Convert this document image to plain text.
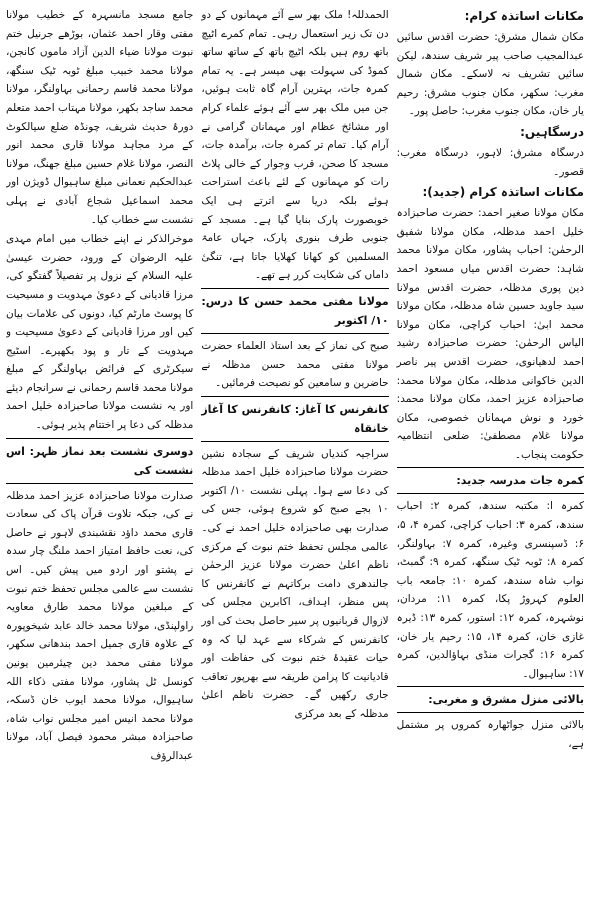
مکانات اساتذہ کرام:

مکان شمال مشرق: حضرت اقدس سائیں عبدالمجیب صاحب پیر شریف سندھ، لیکن سائیں تشریف نہ لاسکے۔ مکان شمال مغرب: سکھر، مکان جنوب مشرق: رحیم یار خان، مکان جنوب مغرب: حاصل پور۔

درسگاہیں:

درسگاہ مشرق: لاہور، درسگاہ مغرب: قصور۔

مکانات اساتذہ کرام (جدید):

مکان مولانا صغیر احمد: حضرت صاحبزادہ خلیل احمد مدظلہ، مکان مولانا شفیق الرحمٰن: احباب پشاور، مکان مولانا محمد شاہد: حضرت اقدس میاں مسعود احمد دین پوری مدظلہ، حضرت اقدس مولانا سید جاوید حسین شاہ مدظلہ، مکان مولانا محمد ابیٰ: احباب کراچی، مکان مولانا الیاس الرحمٰن: حضرت صاحبزادہ رشید احمد لدھیانوی، حضرت اقدس پیر ناصر الدین خاکوانی مدظلہ، مکان مولانا محمد: صاحبزادہ عزیز احمد، مکان مولانا محمد: خورد و نوش مہمانان خصوصی، مکان مولانا غلام مصطفیٰ: ضلعی انتظامیہ حکومت پنجاب۔

کمرہ جات مدرسہ جدید:

کمرہ ا: مکتبہ سندھ، کمرہ ۲: احباب سندھ، کمرہ ۳: احباب کراچی، کمرہ ۴، ۵، ۶: ڈسپنسری وغیرہ، کمرہ ۷: بہاولنگر، کمرہ ۸: ٹوبہ ٹیک سنگھ، کمرہ ۹: گمبٹ، نواب شاہ سندھ، کمرہ ۱۰: جامعہ باب العلوم کہروڑ پکا، کمرہ ۱۱: مردان، نوشہرہ، کمرہ ۱۲: استور، کمرہ ۱۳: ڈیرہ غازی خان، کمرہ ۱۴، ۱۵: رحیم یار خان، کمرہ ۱۶: گجرات منڈی بہاؤالدین، کمرہ ۱۷: ساہیوال۔

بالائی منزل مشرق و مغربی:

بالائی منزل جواٹھارہ کمروں پر مشتمل ہے،

الحمدللہ! ملک بھر سے آئے مہمانوں کے دو دن تک زیر استعمال رہی۔ تمام کمرے اٹیچ باتھ روم ہیں بلکہ اٹیچ باتھ کے ساتھ ساتھ کموڈ کی سہولت بھی میسر ہے۔ یہ تمام کمرہ جات، بہترین آرام گاہ ثابت ہوئیں، جن میں ملک بھر سے آئے ہوئے علماء کرام اور مشائخ عظام اور مہمانان گرامی نے آرام کیا۔ تمام تر کمرہ جات، برآمدہ جات، مسجد کا صحن، قرب وجوار کے خالی پلاٹ رات کو مہمانوں کے لئے باعث استراحت ہوئے بلکہ دریا سے اترتے ہی ایک خوبصورت پارک بنایا گیا ہے۔ مسجد کے جنوبی طرف بنوری پارک، جہاں عامۃ المسلمین کو کھانا کھلایا جاتا ہے، تنگیٔ داماں کی شکایت کرر ہے تھے۔

مولانا مفتی محمد حسن کا درس: ۱۰/ اکتوبر

صبح کی نماز کے بعد استاذ العلماء حضرت مولانا مفتی محمد حسن مدظلہ نے حاضرین و سامعین کو نصیحت فرمائیں۔

کانفرنس کا آغاز: کانفرنس کا آغاز خانقاہ

سراجیہ کندیاں شریف کے سجادہ نشین حضرت مولانا صاحبزادہ خلیل احمد مدظلہ کی دعا سے ہوا۔ پہلی نشست ۱۰/ اکتوبر ۱۰ بجے صبح کو شروع ہوئی، جس کی صدارت بھی صاحبزادہ خلیل احمد نے کی۔ عالمی مجلس تحفظ ختم نبوت کے مرکزی ناظم اعلیٰ حضرت مولانا عزیز الرحمٰن جالندھری دامت برکاتہم نے کانفرنس کا پس منظر، اہداف، اکابرین مجلس کی لازوال قربانیوں پر سیر حاصل بحث کی اور کانفرنس کے شرکاء سے عہد لیا کہ وہ حیات عقیدۂ ختم نبوت کی حفاظت اور قادیانیت کا پرامن طریقہ سے بھرپور تعاقب جاری رکھیں گے۔ حضرت ناظم اعلیٰ مدظلہ کے بعد مرکزی

جامع مسجد مانسہرہ کے خطیب مولانا مفتی وقار احمد عثمان، بوڑھے جرنیل ختم نبوت مولانا ضیاء الدین آزاد ماموں کانجن، مولانا محمد خبیب مبلغ ٹوبہ ٹیک سنگھ، مولانا محمد قاسم رحمانی بہاولنگر، مولانا محمد ساجد بکھر، مولانا مہتاب احمد متعلم دورۂ حدیث شریف، چونڈہ ضلع سیالکوٹ کے مرد مجاہد مولانا قاری محمد انور النصر، مولانا غلام حسین مبلغ جھنگ، مولانا عبدالحکیم نعمانی مبلغ ساہیوال ڈویژن اور محمد اسماعیل شجاع آبادی نے پہلی نشست سے خطاب کیا۔

موخرالذکر نے اپنے خطاب میں امام مہدی علیہ الرضوان کے ورود، حضرت عیسیٰ علیہ السلام کے نزول پر تفصیلاً گفتگو کی، مرزا قادیانی کے دعویٰ مہدویت و مسیحیت کا پوسٹ مارٹم کیا، دونوں کی علامات بیان کیں اور مرزا قادیانی کے دعویٰ مسیحیت و مہدویت کے تار و پود بکھیرے۔ اسٹیج سیکرٹری کے فرائض بہاولنگر کے مبلغ مولانا محمد قاسم رحمانی نے سرانجام دیئے اور یہ نشست مولانا صاحبزادہ خلیل احمد مدظلہ کی دعا پر اختتام پذیر ہوئی۔

دوسری نشست بعد نماز ظہر: اس نشست کی

صدارت مولانا صاحبزادہ عزیز احمد مدظلہ نے کی، جبکہ تلاوت قرآن پاک کی سعادت قاری محمد داؤد نقشبندی لاہور نے حاصل کی، نعت حافظ امتیاز احمد ملنگ چار سدہ نے پشتو اور اردو میں پیش کیں۔ اس نشست سے عالمی مجلس تحفظ ختم نبوت کے مبلغین مولانا محمد طارق معاویہ راولپنڈی، مولانا محمد خالد عابد شیخوپورہ کے علاوہ قاری جمیل احمد بندھانی سکھر، مولانا مفتی محمد دین چیئرمین یونین کونسل ٹل پشاور، مولانا مفتی ذکاء اللہ ساہیوال، مولانا محمد ایوب خان ڈسکہ، مولانا محمد انیس امیر مجلس نواب شاہ، صاحبزادہ مبشر محمود فیصل آباد، مولانا عبدالرؤف
